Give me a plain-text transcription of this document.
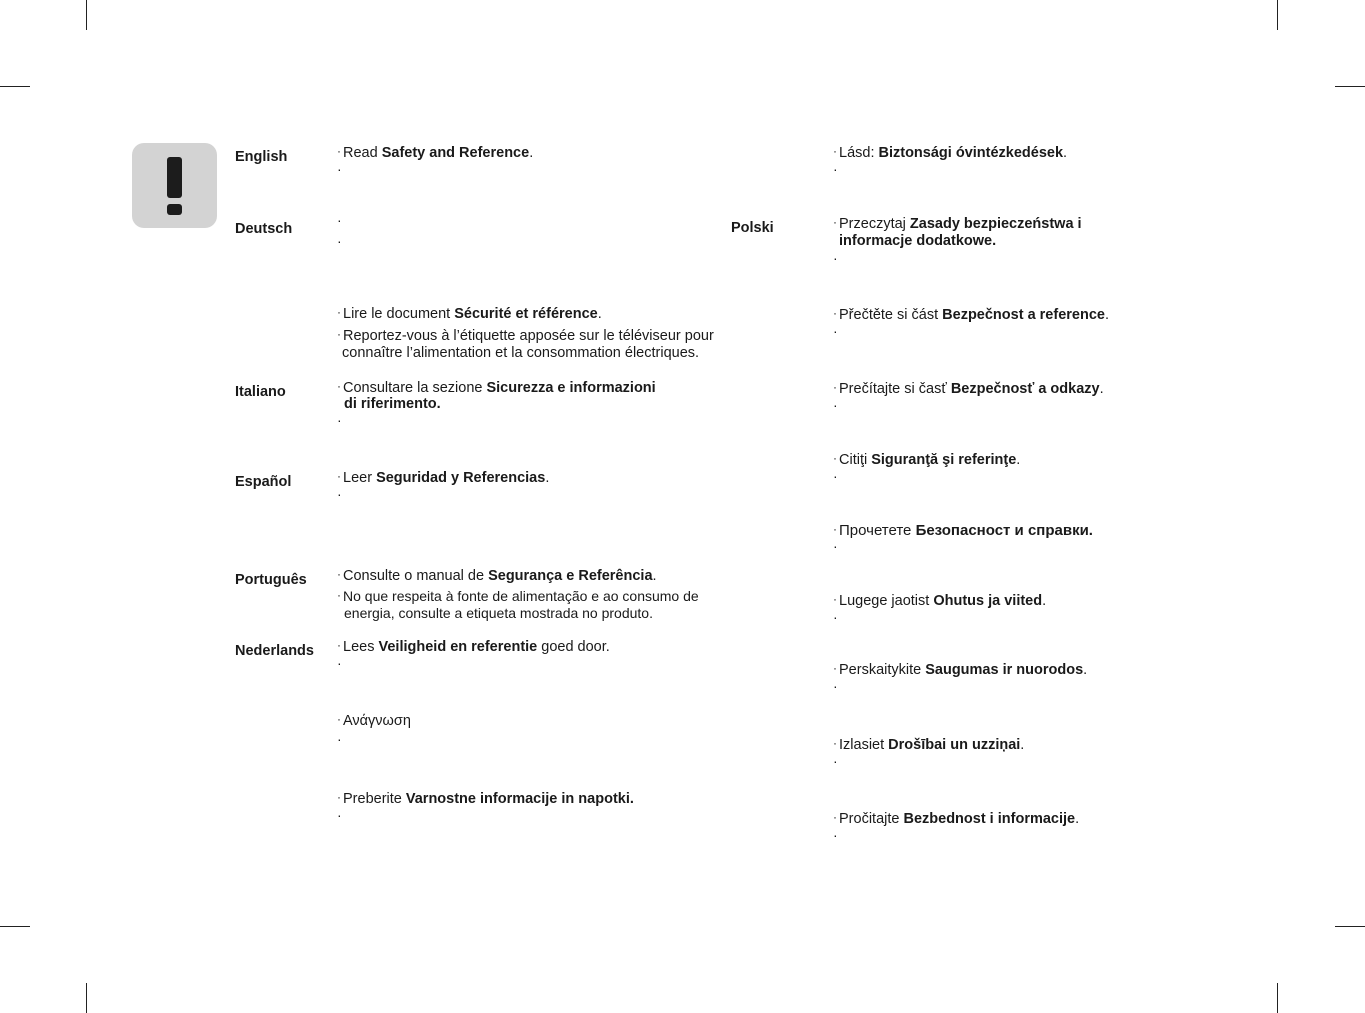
English
Deutsch
Italiano
Español
Português
Nederlands
Polski
· Read Safety and Reference.
·
·
·
· Lire le document Sécurité et référence.
· Reportez-vous à l’étiquette apposée sur le téléviseur pour
connaître l’alimentation et la consommation électriques.
· Consultare la sezione Sicurezza e informazioni
di riferimento.
·
· Leer Seguridad y Referencias.
·
· Consulte o manual de Segurança e Referência.
· No que respeita à fonte de alimentação e ao consumo de
energia, consulte a etiqueta mostrada no produto.
· Lees Veiligheid en referentie goed door.
·
· Ανάγνωση
·
· Preberite Varnostne informacije in napotki.
·
· Lásd: Biztonsági óvintézkedések.
·
· Przeczytaj Zasady bezpieczeństwa i
informacje dodatkowe.
·
· Přečtěte si část Bezpečnost a reference.
·
· Prečítajte si časť Bezpečnosť a odkazy.
·
· Citiţi Siguranţă şi referinţe.
·
· Прочетете Безопасност и справки.
·
· Lugege jaotist Ohutus ja viited.
·
· Perskaitykite Saugumas ir nuorodos.
·
· Izlasiet Drošībai un uzziņai.
·
· Pročitajte Bezbednost i informacije.
·
